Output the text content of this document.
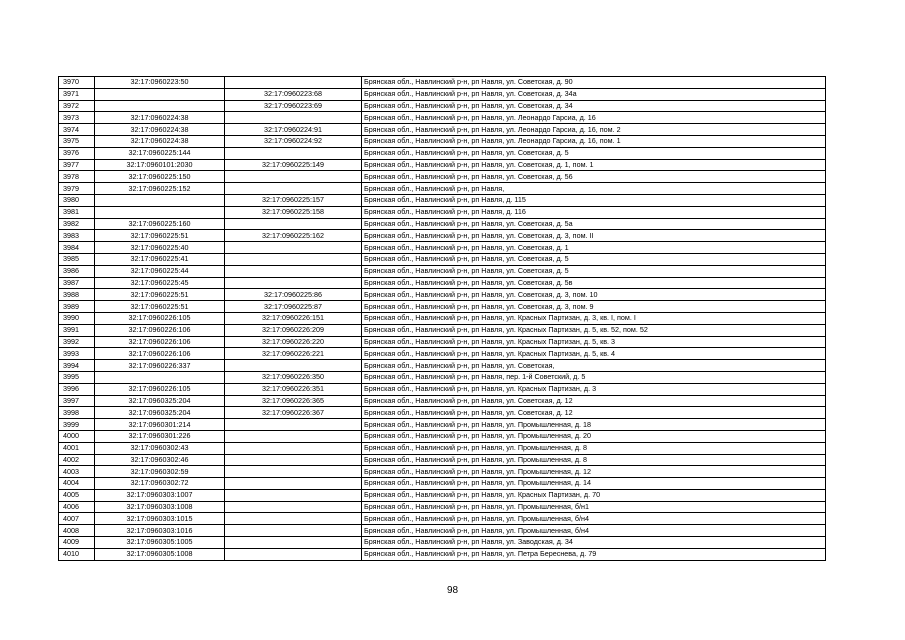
3970	32:17:0960223:50		Брянская обл., Навлинский р-н, рп Навля, ул. Советская, д. 90
3971		32:17:0960223:68	Брянская обл., Навлинский р-н, рп Навля, ул. Советская, д. 34а
3972		32:17:0960223:69	Брянская обл., Навлинский р-н, рп Навля, ул. Советская, д. 34
3973	32:17:0960224:38		Брянская обл., Навлинский р-н, рп Навля, ул. Леонардо Гарсиа, д. 16
3974	32:17:0960224:38	32:17:0960224:91	Брянская обл., Навлинский р-н, рп Навля, ул. Леонардо Гарсиа, д. 16, пом. 2
3975	32:17:0960224:38	32:17:0960224:92	Брянская обл., Навлинский р-н, рп Навля, ул. Леонардо Гарсиа, д. 16, пом. 1
3976	32:17:0960225:144		Брянская обл., Навлинский р-н, рп Навля, ул. Советская, д. 5
3977	32:17:0960101:2030	32:17:0960225:149	Брянская обл., Навлинский р-н, рп Навля, ул. Советская, д. 1, пом. 1
3978	32:17:0960225:150		Брянская обл., Навлинский р-н, рп Навля, ул. Советская, д. 56
3979	32:17:0960225:152		Брянская обл., Навлинский р-н, рп Навля,
3980		32:17:0960225:157	Брянская обл., Навлинский р-н, рп Навля, д. 115
3981		32:17:0960225:158	Брянская обл., Навлинский р-н, рп Навля, д. 116
3982	32:17:0960225:160		Брянская обл., Навлинский р-н, рп Навля, ул. Советская, д. 5а
3983	32:17:0960225:51	32:17:0960225:162	Брянская обл., Навлинский р-н, рп Навля, ул. Советская, д. 3, пом. II
3984	32:17:0960225:40		Брянская обл., Навлинский р-н, рп Навля, ул. Советская, д. 1
3985	32:17:0960225:41		Брянская обл., Навлинский р-н, рп Навля, ул. Советская, д. 5
3986	32:17:0960225:44		Брянская обл., Навлинский р-н, рп Навля, ул. Советская, д. 5
3987	32:17:0960225:45		Брянская обл., Навлинский р-н, рп Навля, ул. Советская, д. 5в
3988	32:17:0960225:51	32:17:0960225:86	Брянская обл., Навлинский р-н, рп Навля, ул. Советская, д. 3, пом. 10
3989	32:17:0960225:51	32:17:0960225:87	Брянская обл., Навлинский р-н, рп Навля, ул. Советская, д. 3, пом. 9
3990	32:17:0960226:105	32:17:0960226:151	Брянская обл., Навлинский р-н, рп Навля, ул. Красных Партизан, д. 3, кв. I, пом. I
3991	32:17:0960226:106	32:17:0960226:209	Брянская обл., Навлинский р-н, рп Навля, ул. Красных Партизан, д. 5, кв. 52, пом. 52
3992	32:17:0960226:106	32:17:0960226:220	Брянская обл., Навлинский р-н, рп Навля, ул. Красных Партизан, д. 5, кв. 3
3993	32:17:0960226:106	32:17:0960226:221	Брянская обл., Навлинский р-н, рп Навля, ул. Красных Партизан, д. 5, кв. 4
3994	32:17:0960226:337		Брянская обл., Навлинский р-н, рп Навля, ул. Советская,
3995		32:17:0960226:350	Брянская обл., Навлинский р-н, рп Навля, пер. 1-й Советский, д. 5
3996	32:17:0960226:105	32:17:0960226:351	Брянская обл., Навлинский р-н, рп Навля, ул. Красных Партизан, д. 3
3997	32:17:0960325:204	32:17:0960226:365	Брянская обл., Навлинский р-н, рп Навля, ул. Советская, д. 12
3998	32:17:0960325:204	32:17:0960226:367	Брянская обл., Навлинский р-н, рп Навля, ул. Советская, д. 12
3999	32:17:0960301:214		Брянская обл., Навлинский р-н, рп Навля, ул. Промышленная, д. 18
4000	32:17:0960301:226		Брянская обл., Навлинский р-н, рп Навля, ул. Промышленная, д. 20
4001	32:17:0960302:43		Брянская обл., Навлинский р-н, рп Навля, ул. Промышленная, д. 8
4002	32:17:0960302:46		Брянская обл., Навлинский р-н, рп Навля, ул. Промышленная, д. 8
4003	32:17:0960302:59		Брянская обл., Навлинский р-н, рп Навля, ул. Промышленная, д. 12
4004	32:17:0960302:72		Брянская обл., Навлинский р-н, рп Навля, ул. Промышленная, д. 14
4005	32:17:0960303:1007		Брянская обл., Навлинский р-н, рп Навля, ул. Красных Партизан, д. 70
4006	32:17:0960303:1008		Брянская обл., Навлинский р-н, рп Навля, ул. Промышленная, б/н1
4007	32:17:0960303:1015		Брянская обл., Навлинский р-н, рп Навля, ул. Промышленная, б/н4
4008	32:17:0960303:1016		Брянская обл., Навлинский р-н, рп Навля, ул. Промышленная, б/н4
4009	32:17:0960305:1005		Брянская обл., Навлинский р-н, рп Навля, ул. Заводская, д. 34
4010	32:17:0960305:1008		Брянская обл., Навлинский р-н, рп Навля, ул. Петра Береснева, д. 79
98
